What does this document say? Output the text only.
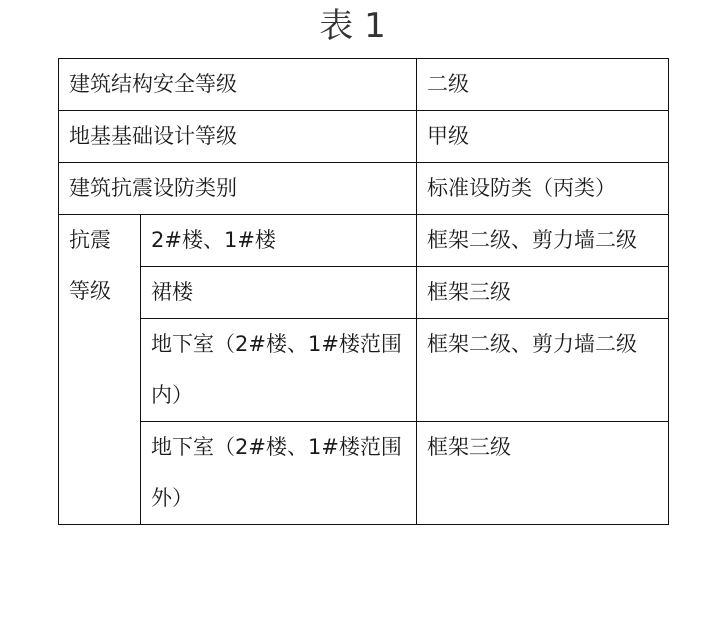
表 1
建筑结构安全等级		二级
地基基础设计等级		甲级
建筑抗震设防类别		标准设防类（丙类）
抗震等级	2#楼、1#楼	框架二级、剪力墙二级
	裙楼	框架三级
	地下室（2#楼、1#楼范围内）	框架二级、剪力墙二级
	地下室（2#楼、1#楼范围外）	框架三级
